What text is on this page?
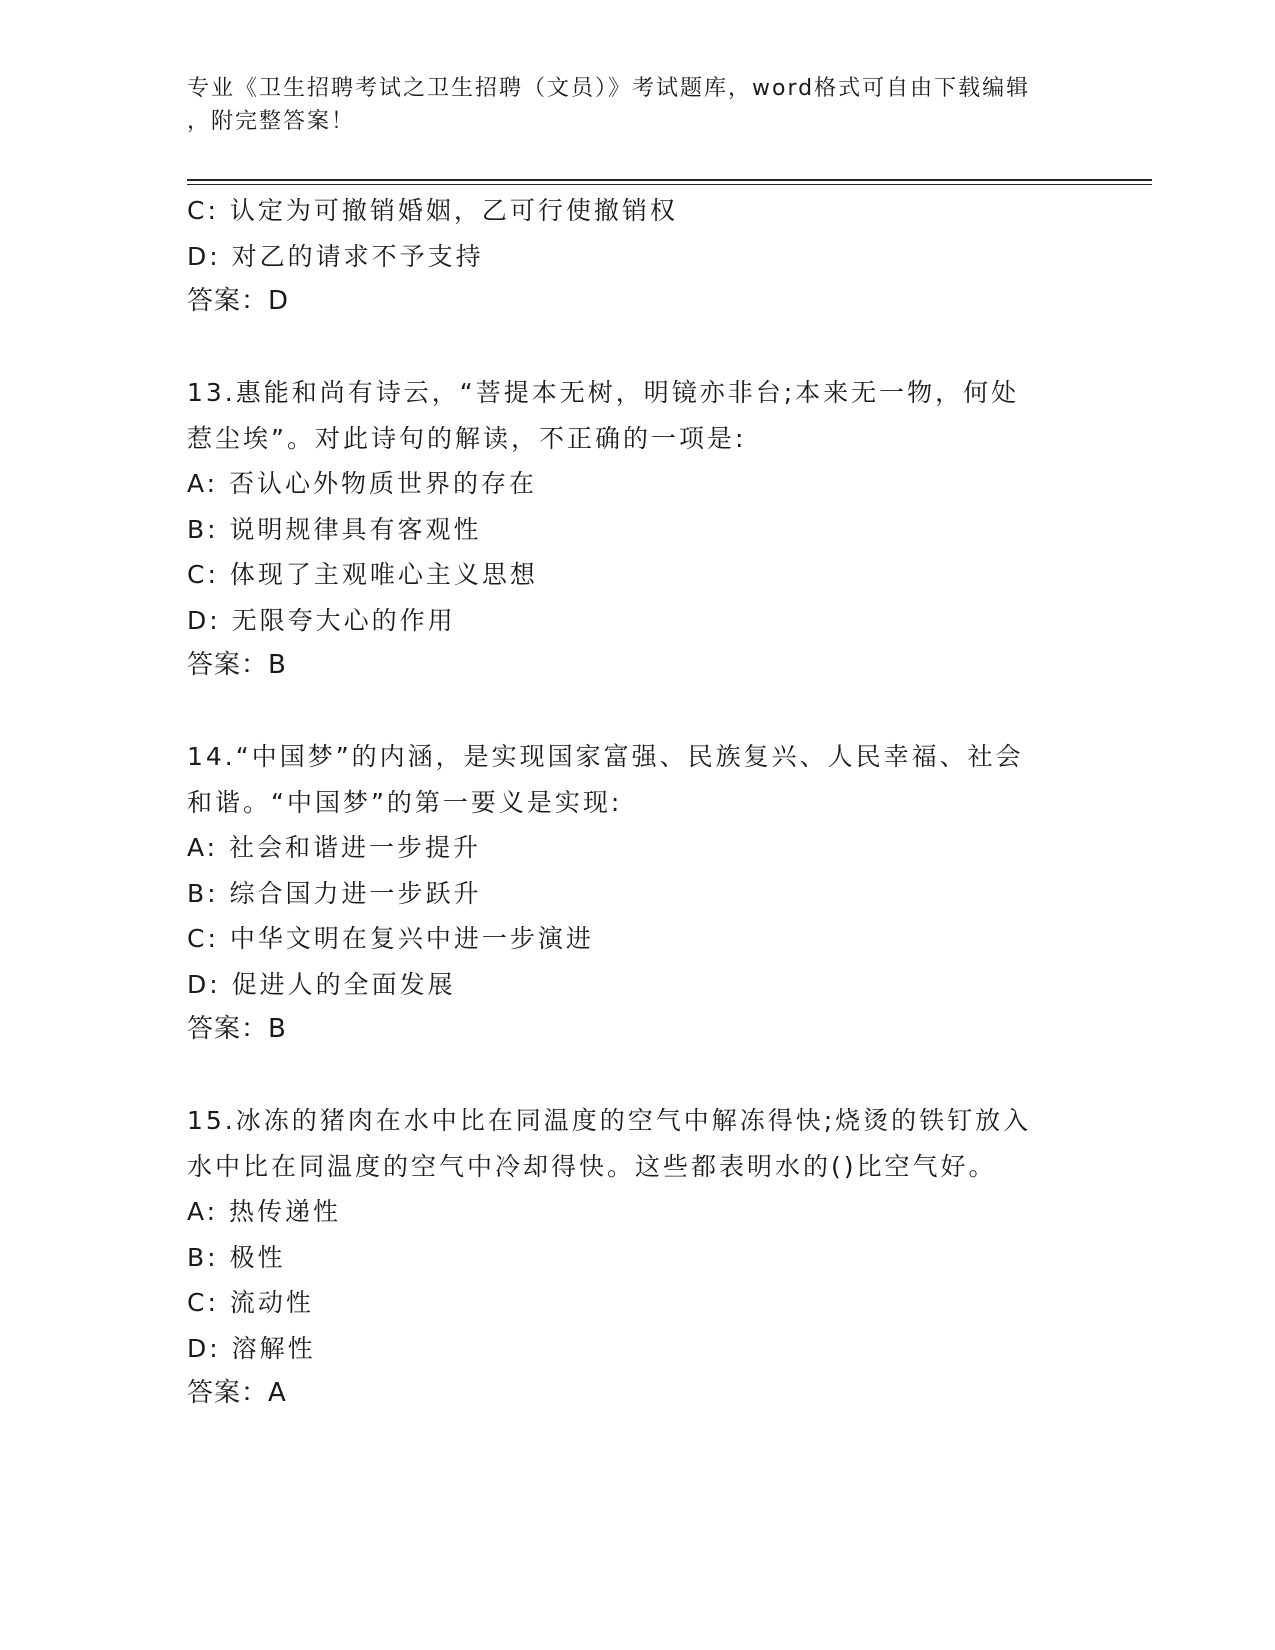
专业《卫生招聘考试之卫生招聘（文员）》考试题库，word格式可自由下载编辑
，附完整答案！
C: 认定为可撤销婚姻，乙可行使撤销权
D: 对乙的请求不予支持
答案：D
13.惠能和尚有诗云，“菩提本无树，明镜亦非台;本来无一物，何处
惹尘埃”。对此诗句的解读，不正确的一项是:
A: 否认心外物质世界的存在
B: 说明规律具有客观性
C: 体现了主观唯心主义思想
D: 无限夸大心的作用
答案：B
14.“中国梦”的内涵，是实现国家富强、民族复兴、人民幸福、社会
和谐。“中国梦”的第一要义是实现:
A: 社会和谐进一步提升
B: 综合国力进一步跃升
C: 中华文明在复兴中进一步演进
D: 促进人的全面发展
答案：B
15.冰冻的猪肉在水中比在同温度的空气中解冻得快;烧烫的铁钉放入
水中比在同温度的空气中冷却得快。这些都表明水的()比空气好。
A: 热传递性
B: 极性
C: 流动性
D: 溶解性
答案：A
